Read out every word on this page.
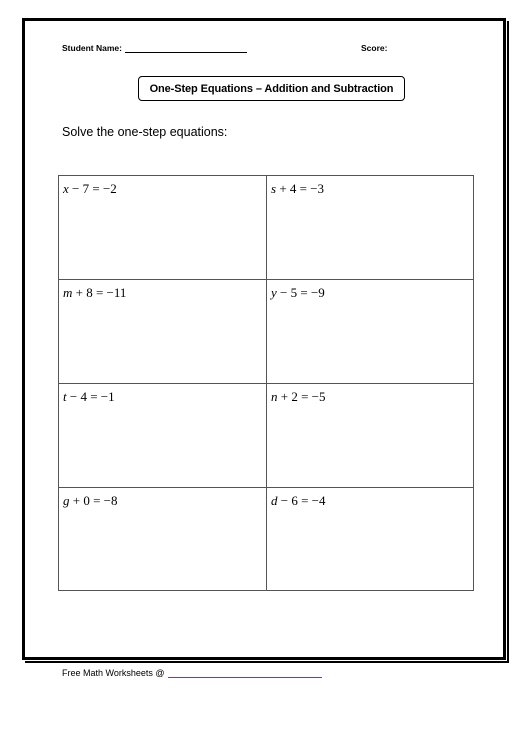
Student Name:	Score:
One-Step Equations – Addition and Subtraction
Solve the one-step equations:
x − 7 = −2	s + 4 = −3
m + 8 = −11	y − 5 = −9
t − 4 = −1	n + 2 = −5
g + 0 = −8	d − 6 = −4
Free Math Worksheets @
